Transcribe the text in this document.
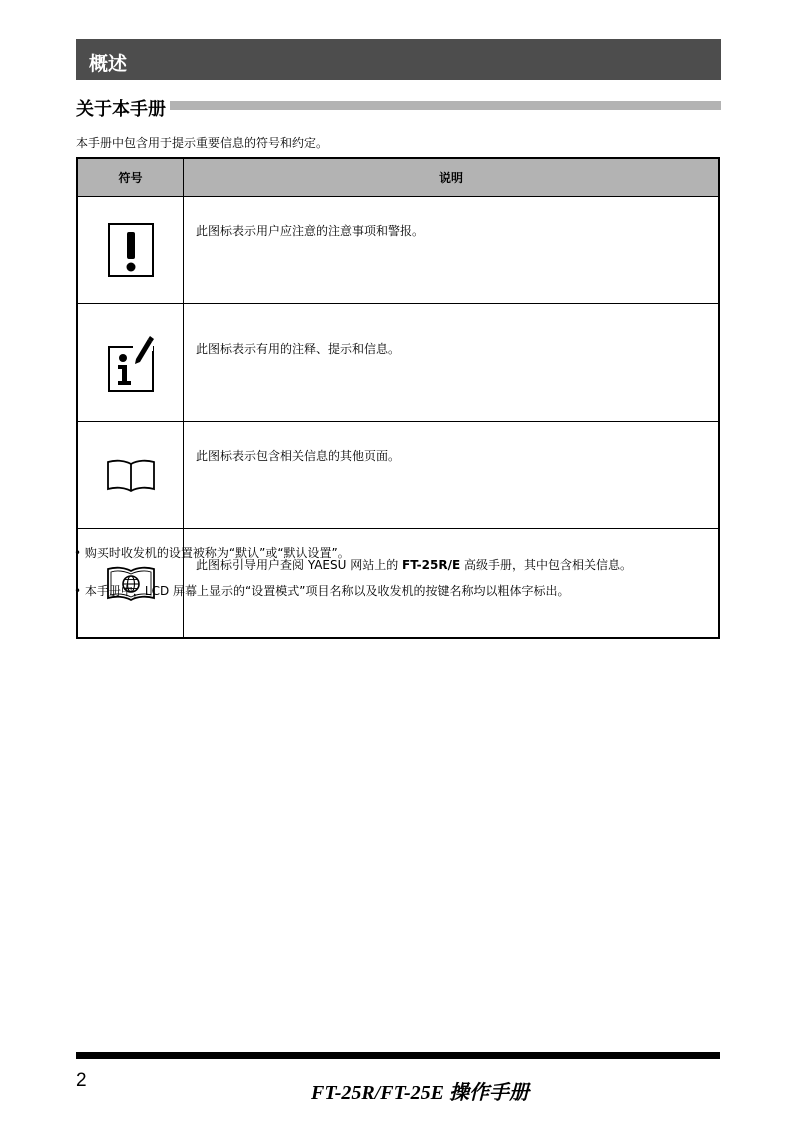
概述
关于本手册
本手册中包含用于提示重要信息的符号和约定。
符号	说明

	此图标表示用户应注意的注意事项和警报。

	此图标表示有用的注释、提示和信息。

	此图标表示包含相关信息的其他页面。

	此图标引导用户查阅 YAESU 网站上的 FT-25R/E 高级手册，其中包含相关信息。
• 购买时收发机的设置被称为“默认”或“默认设置”。
• 本手册中，LCD 屏幕上显示的“设置模式”项目名称以及收发机的按键名称均以粗体字标出。
2
FT-25R/FT-25E 操作手册
